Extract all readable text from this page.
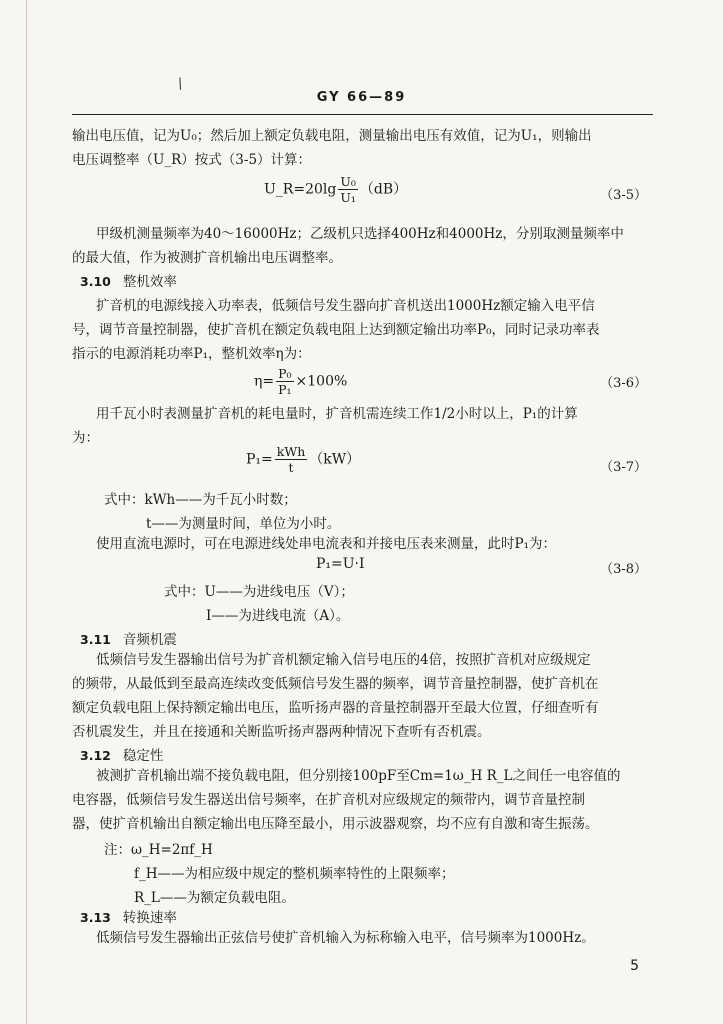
/
GY 66—89
输出电压值，记为U₀；然后加上额定负载电阻，测量输出电压有效值，记为U₁，则输出
电压调整率（U_R）按式（3-5）计算：
U_R=20lg $\frac{\text{U₀}}{\text{U₁}} (dB)$	（3-5）
甲级机测量频率为40～16000Hz；乙级机只选择400Hz和4000Hz，分别取测量频率中
的最大值，作为被测扩音机输出电压调整率。
3.10 整机效率
扩音机的电源线接入功率表，低频信号发生器向扩音机送出1000Hz额定输入电平信
号，调节音量控制器，使扩音机在额定负载电阻上达到额定输出功率P₀，同时记录功率表
指示的电源消耗功率P₁，整机效率η为：
$\eta= \frac{\text{P₀}}{\text{P₁}} \times 100\%$	（3-6）
用千瓦小时表测量扩音机的耗电量时，扩音机需连续工作1/2小时以上，P₁的计算
为：
$P_1= \frac{\text{kWh}}{t} (kW)$	（3-7）
式中：kWh——为千瓦小时数；
t——为测量时间，单位为小时。
使用直流电源时，可在电源进线处串电流表和并接电压表来测量，此时P₁为：
P₁=U·I	（3-8）
式中：U——为进线电压（V）；
I——为进线电流（A）。
3.11 音频机震
低频信号发生器输出信号为扩音机额定输入信号电压的4倍，按照扩音机对应级规定
的频带，从最低到至最高连续改变低频信号发生器的频率，调节音量控制器，使扩音机在
额定负载电阻上保持额定输出电压，监听扬声器的音量控制器开至最大位置，仔细查听有
否机震发生，并且在接通和关断监听扬声器两种情况下查听有否机震。
3.12 稳定性
被测扩音机输出端不接负载电阻，但分别接100pF至Cm=1ω_H R_L之间任一电容值的
电容器，低频信号发生器送出信号频率，在扩音机对应级规定的频带内，调节音量控制
器，使扩音机输出自额定输出电压降至最小，用示波器观察，均不应有自激和寄生振荡。
注：ω_H=2πf_H
f_H——为相应级中规定的整机频率特性的上限频率；
R_L——为额定负载电阻。
3.13 转换速率
低频信号发生器输出正弦信号使扩音机输入为标称输入电平，信号频率为1000Hz。
5
